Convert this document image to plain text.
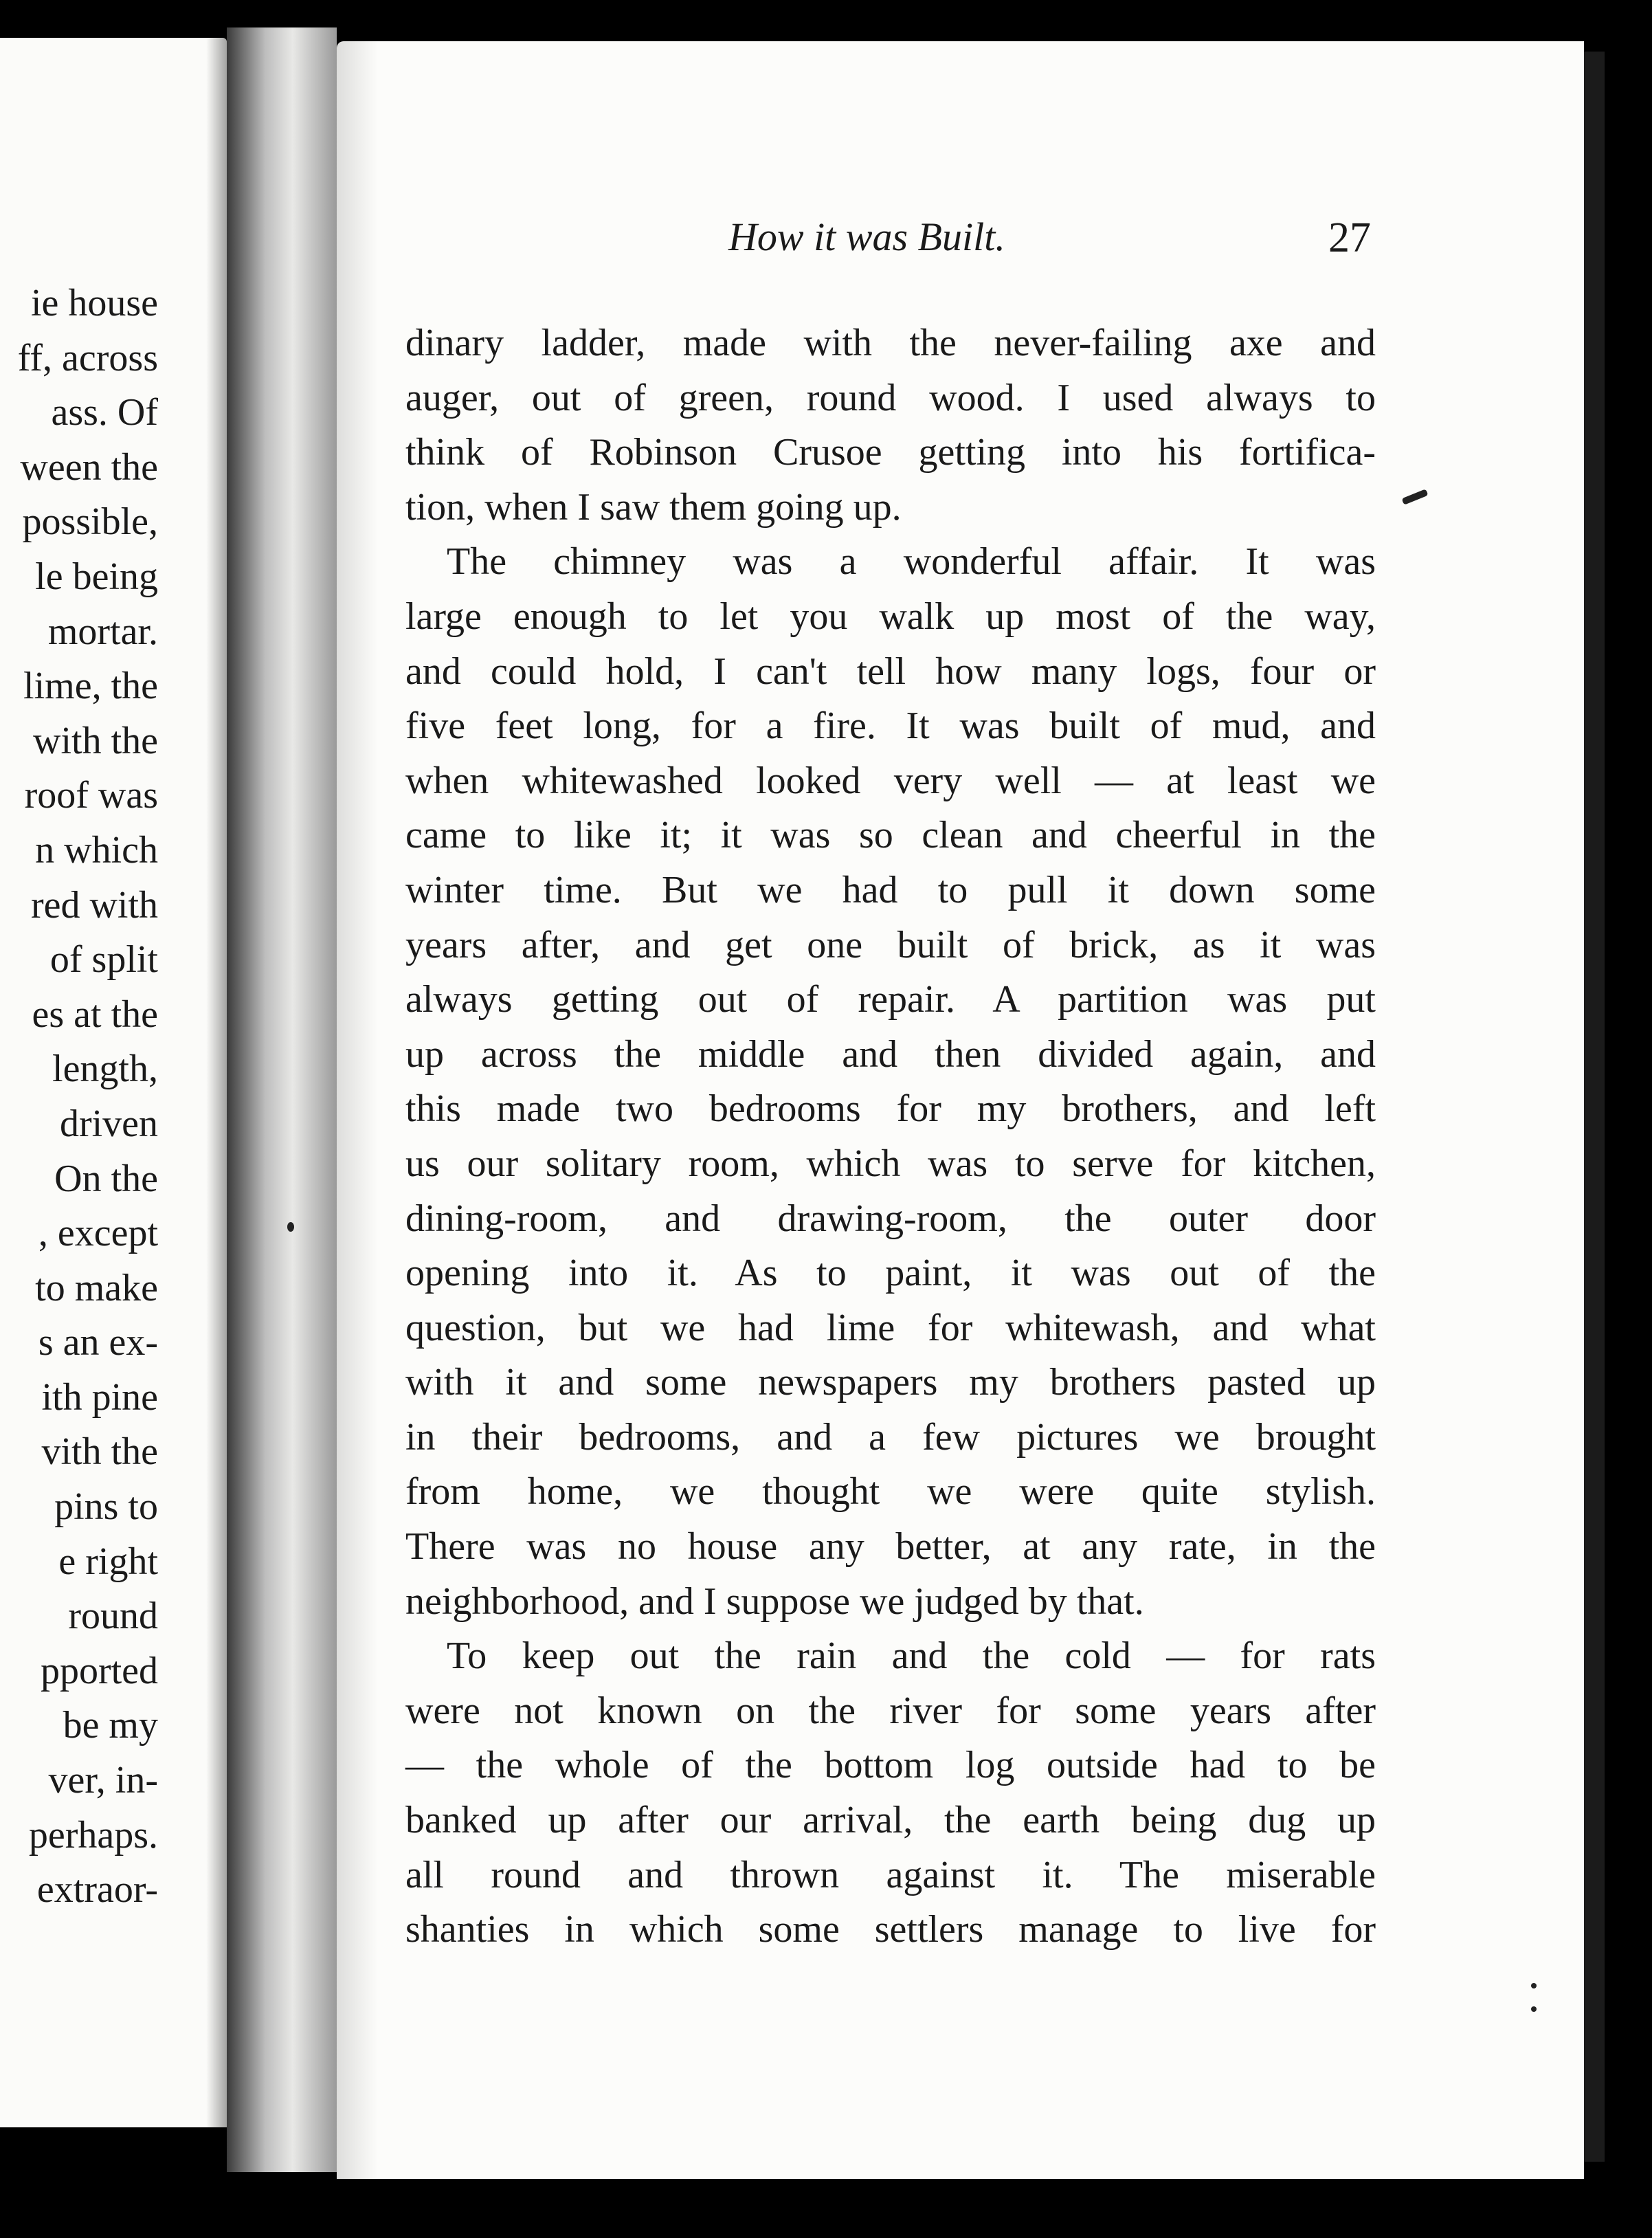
ie house
ff, across
ass. Of
ween the
possible,
le being
mortar.
lime, the
with the
roof was
n which
red with
of split
es at the
length,
driven
On the
, except
to make
s an ex-
ith pine
vith the
pins to
e right
round
pported
be my
ver, in-
perhaps.
extraor-
How it was Built.	27
dinary ladder, made with the never-failing axe and
auger, out of green, round wood. I used always to
think of Robinson Crusoe getting into his fortifica-
tion, when I saw them going up.
The chimney was a wonderful affair. It was
large enough to let you walk up most of the way,
and could hold, I can't tell how many logs, four or
five feet long, for a fire. It was built of mud, and
when whitewashed looked very well — at least we
came to like it; it was so clean and cheerful in the
winter time. But we had to pull it down some
years after, and get one built of brick, as it was
always getting out of repair. A partition was put
up across the middle and then divided again, and
this made two bedrooms for my brothers, and left
us our solitary room, which was to serve for kitchen,
dining-room, and drawing-room, the outer door
opening into it. As to paint, it was out of the
question, but we had lime for whitewash, and what
with it and some newspapers my brothers pasted up
in their bedrooms, and a few pictures we brought
from home, we thought we were quite stylish.
There was no house any better, at any rate, in the
neighborhood, and I suppose we judged by that.
To keep out the rain and the cold — for rats
were not known on the river for some years after
— the whole of the bottom log outside had to be
banked up after our arrival, the earth being dug up
all round and thrown against it. The miserable
shanties in which some settlers manage to live for
